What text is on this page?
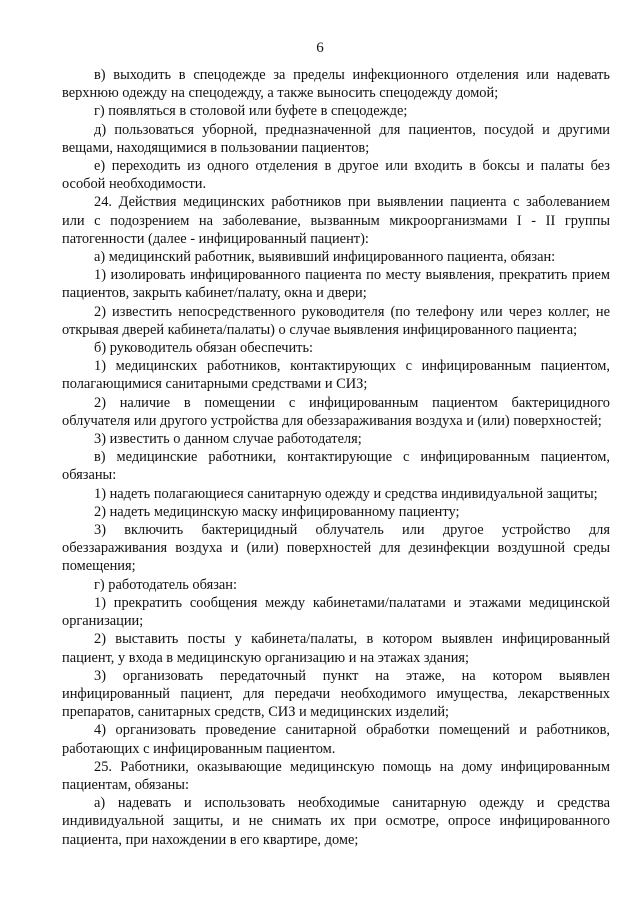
6

в) выходить в спецодежде за пределы инфекционного отделения или надевать верхнюю одежду на спецодежду, а также выносить спецодежду домой;

г) появляться в столовой или буфете в спецодежде;

д) пользоваться уборной, предназначенной для пациентов, посудой и другими вещами, находящимися в пользовании пациентов;

е) переходить из одного отделения в другое или входить в боксы и палаты без особой необходимости.

24. Действия медицинских работников при выявлении пациента с заболеванием или с подозрением на заболевание, вызванным микроорганизмами I - II группы патогенности (далее - инфицированный пациент):

а) медицинский работник, выявивший инфицированного пациента, обязан:

1) изолировать инфицированного пациента по месту выявления, прекратить прием пациентов, закрыть кабинет/палату, окна и двери;

2) известить непосредственного руководителя (по телефону или через коллег, не открывая дверей кабинета/палаты) о случае выявления инфицированного пациента;

б) руководитель обязан обеспечить:

1) медицинских работников, контактирующих с инфицированным пациентом, полагающимися санитарными средствами и СИЗ;

2) наличие в помещении с инфицированным пациентом бактерицидного облучателя или другого устройства для обеззараживания воздуха и (или) поверхностей;

3) известить о данном случае работодателя;

в) медицинские работники, контактирующие с инфицированным пациентом, обязаны:

1) надеть полагающиеся санитарную одежду и средства индивидуальной защиты;

2) надеть медицинскую маску инфицированному пациенту;

3) включить бактерицидный облучатель или другое устройство для обеззараживания воздуха и (или) поверхностей для дезинфекции воздушной среды помещения;

г) работодатель обязан:

1) прекратить сообщения между кабинетами/палатами и этажами медицинской организации;

2) выставить посты у кабинета/палаты, в котором выявлен инфицированный пациент, у входа в медицинскую организацию и на этажах здания;

3) организовать передаточный пункт на этаже, на котором выявлен инфицированный пациент, для передачи необходимого имущества, лекарственных препаратов, санитарных средств, СИЗ и медицинских изделий;

4) организовать проведение санитарной обработки помещений и работников, работающих с инфицированным пациентом.

25. Работники, оказывающие медицинскую помощь на дому инфицированным пациентам, обязаны:

а) надевать и использовать необходимые санитарную одежду и средства индивидуальной защиты, и не снимать их при осмотре, опросе инфицированного пациента, при нахождении в его квартире, доме;
